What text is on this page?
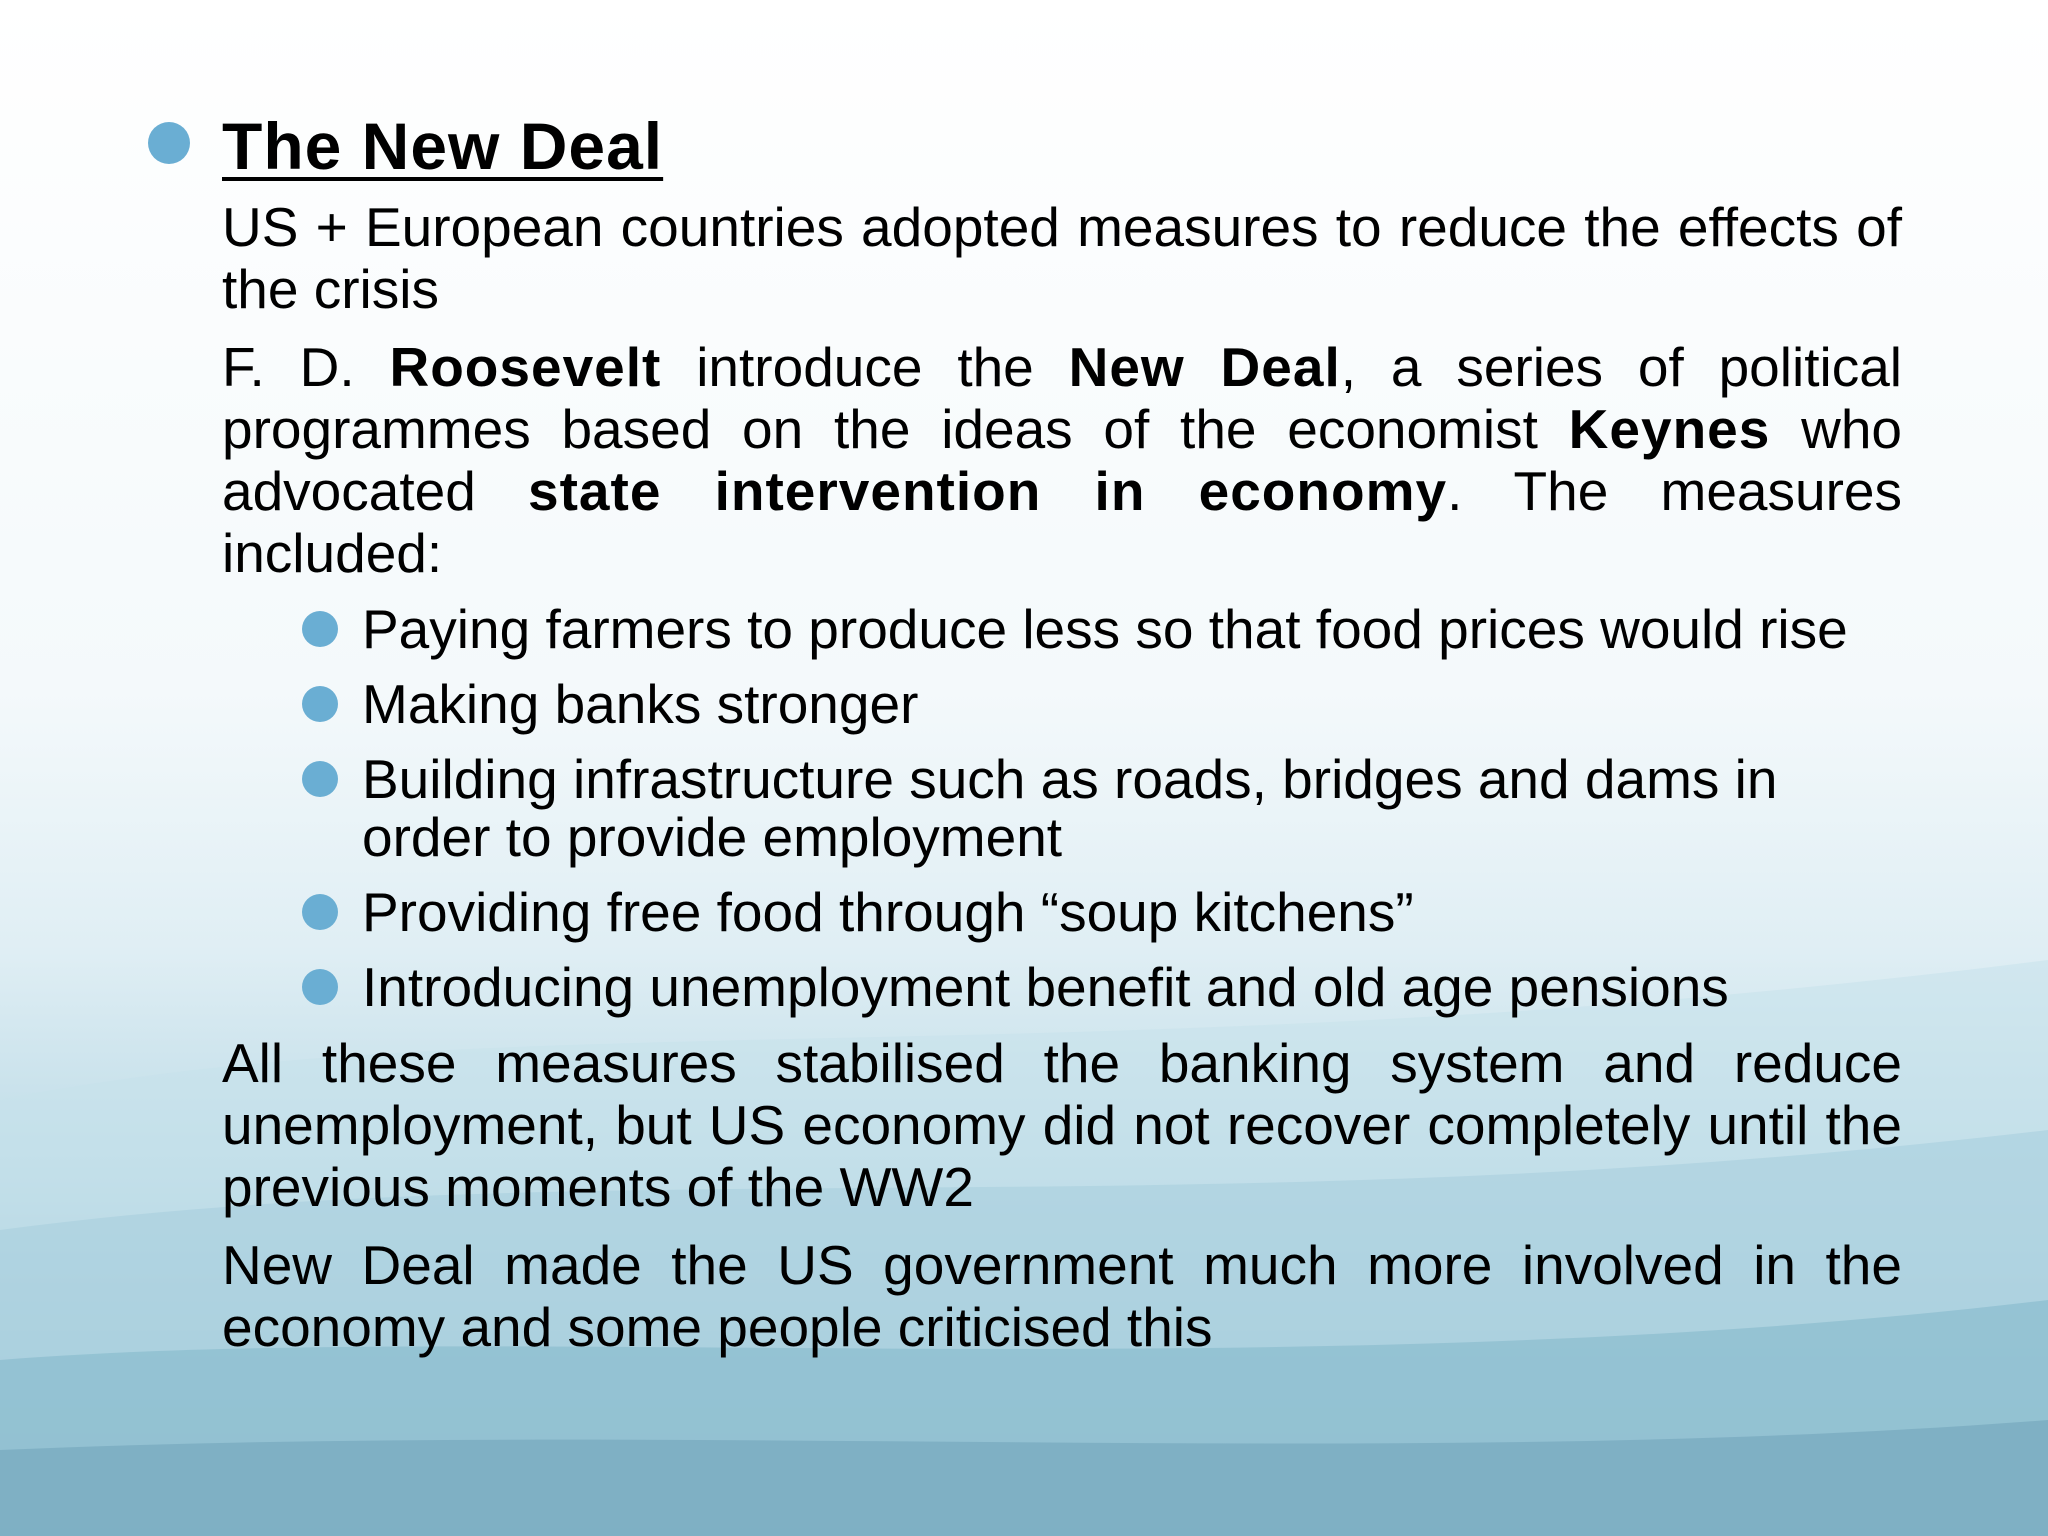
The New Deal
US + European countries adopted measures to reduce the effects of the crisis
F. D. Roosevelt introduce the New Deal, a series of political programmes based on the ideas of the economist Keynes who advocated state intervention in economy. The measures included:
Paying farmers to produce less so that food prices would rise
Making banks stronger
Building infrastructure such as roads, bridges and dams in order to provide employment
Providing free food through “soup kitchens”
Introducing unemployment benefit and old age pensions
All these measures stabilised the banking system and reduce unemployment, but US economy did not recover completely until the previous moments of the WW2
New Deal made the US government much more involved in the economy and some people criticised this
